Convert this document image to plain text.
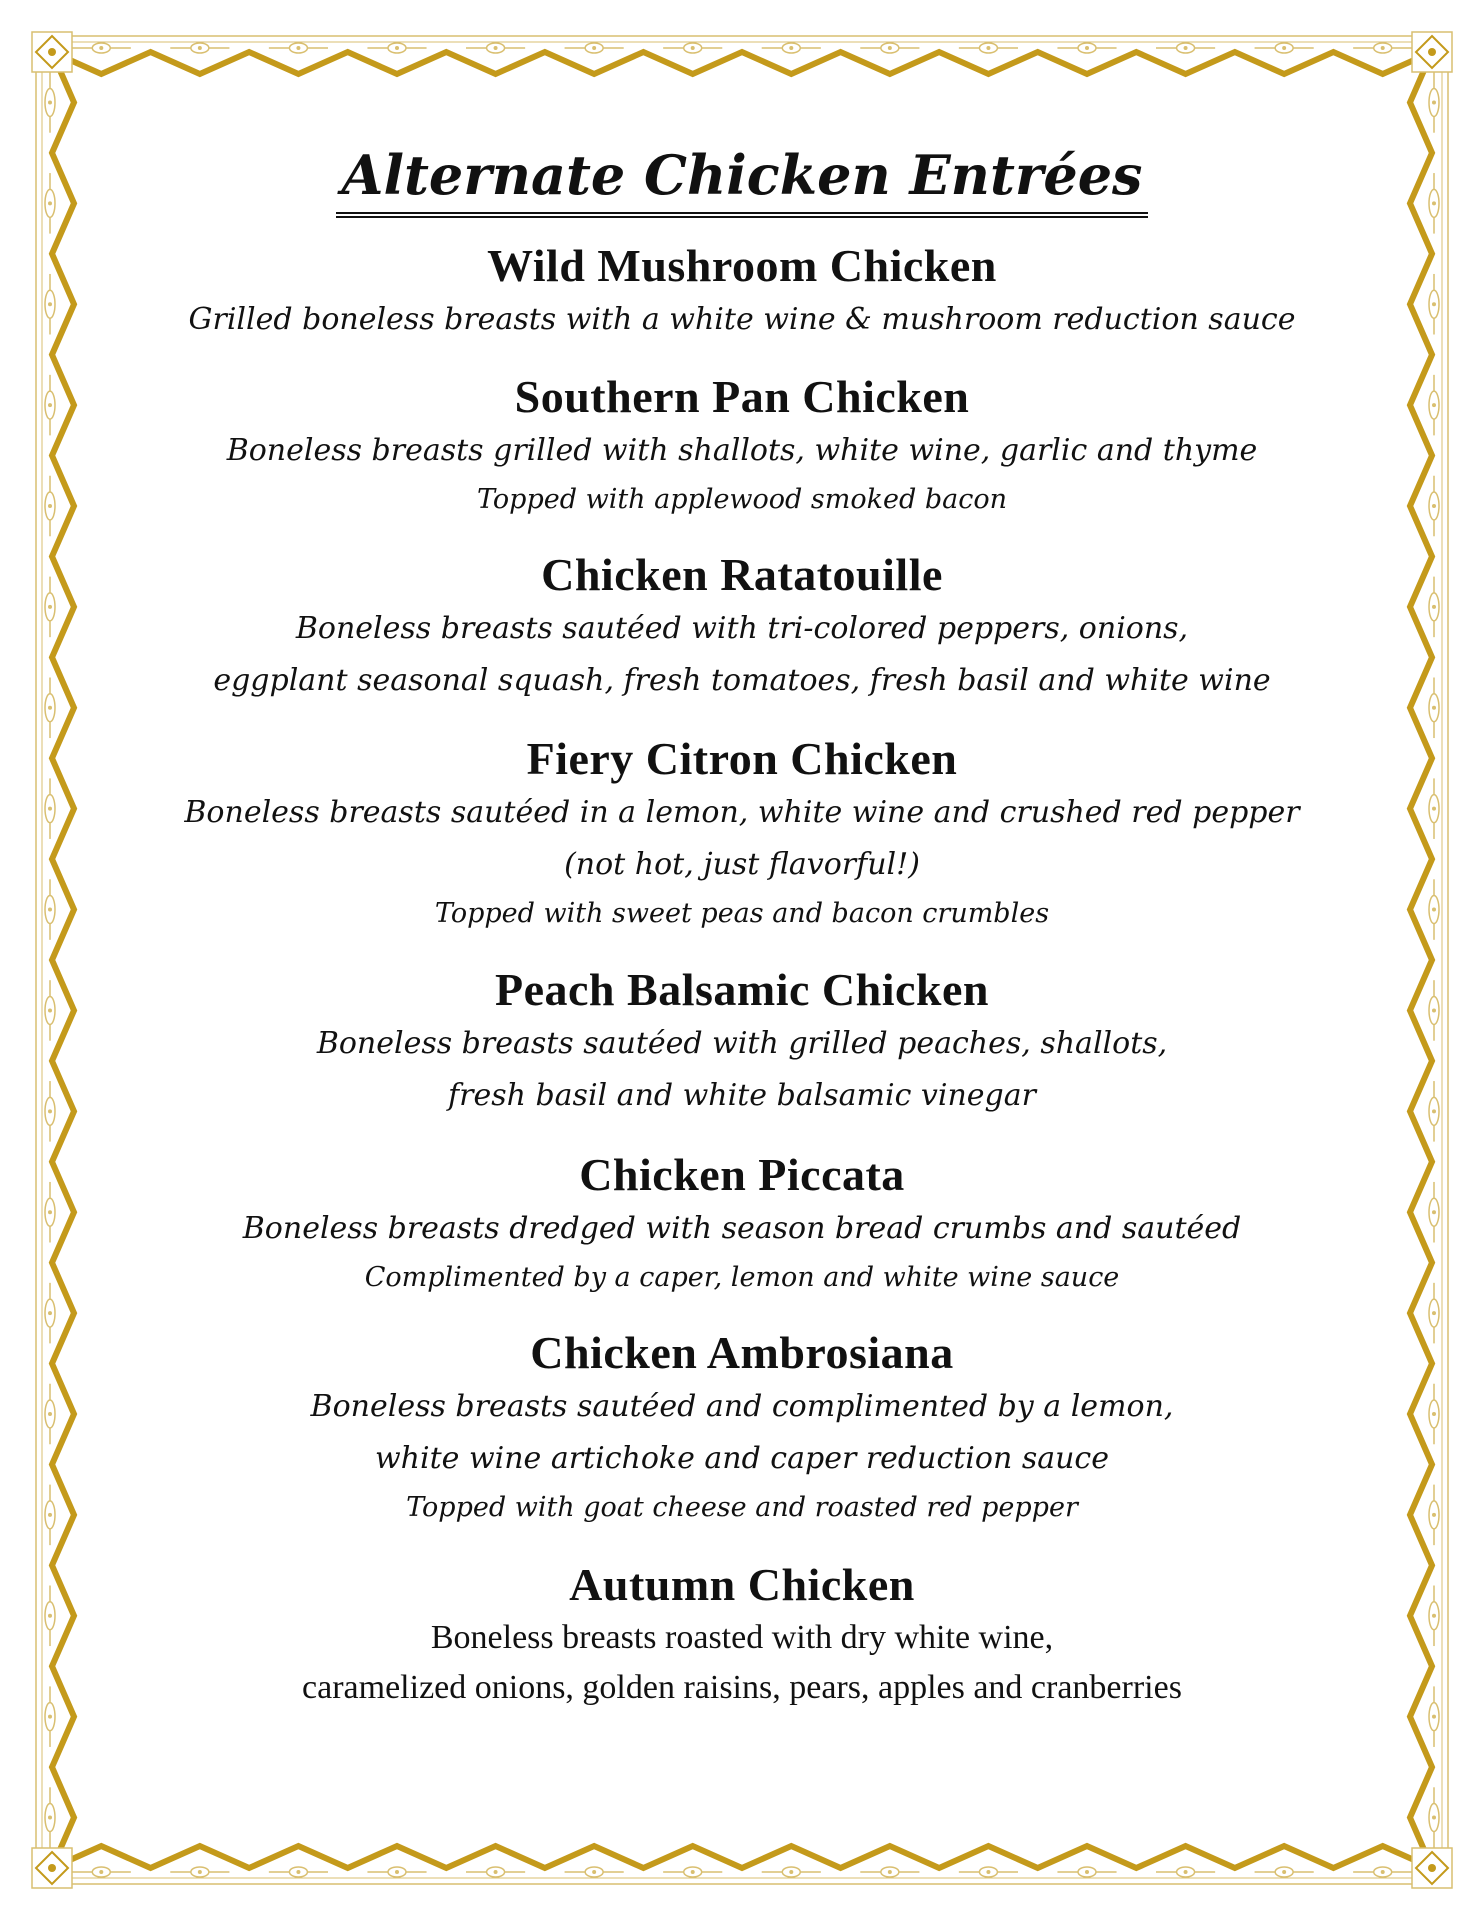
Alternate Chicken Entrées

Wild Mushroom Chicken

Grilled boneless breasts with a white wine & mushroom reduction sauce

Southern Pan Chicken

Boneless breasts grilled with shallots, white wine, garlic and thyme

Topped with applewood smoked bacon

Chicken Ratatouille

Boneless breasts sautéed with tri-colored peppers, onions,

eggplant seasonal squash, fresh tomatoes, fresh basil and white wine

Fiery Citron Chicken

Boneless breasts sautéed in a lemon, white wine and crushed red pepper

(not hot, just flavorful!)

Topped with sweet peas and bacon crumbles

Peach Balsamic Chicken

Boneless breasts sautéed with grilled peaches, shallots,

fresh basil and white balsamic vinegar

Chicken Piccata

Boneless breasts dredged with season bread crumbs and sautéed

Complimented by a caper, lemon and white wine sauce

Chicken Ambrosiana

Boneless breasts sautéed and complimented by a lemon,

white wine artichoke and caper reduction sauce

Topped with goat cheese and roasted red pepper

Autumn Chicken

Boneless breasts roasted with dry white wine,

caramelized onions, golden raisins, pears, apples and cranberries
